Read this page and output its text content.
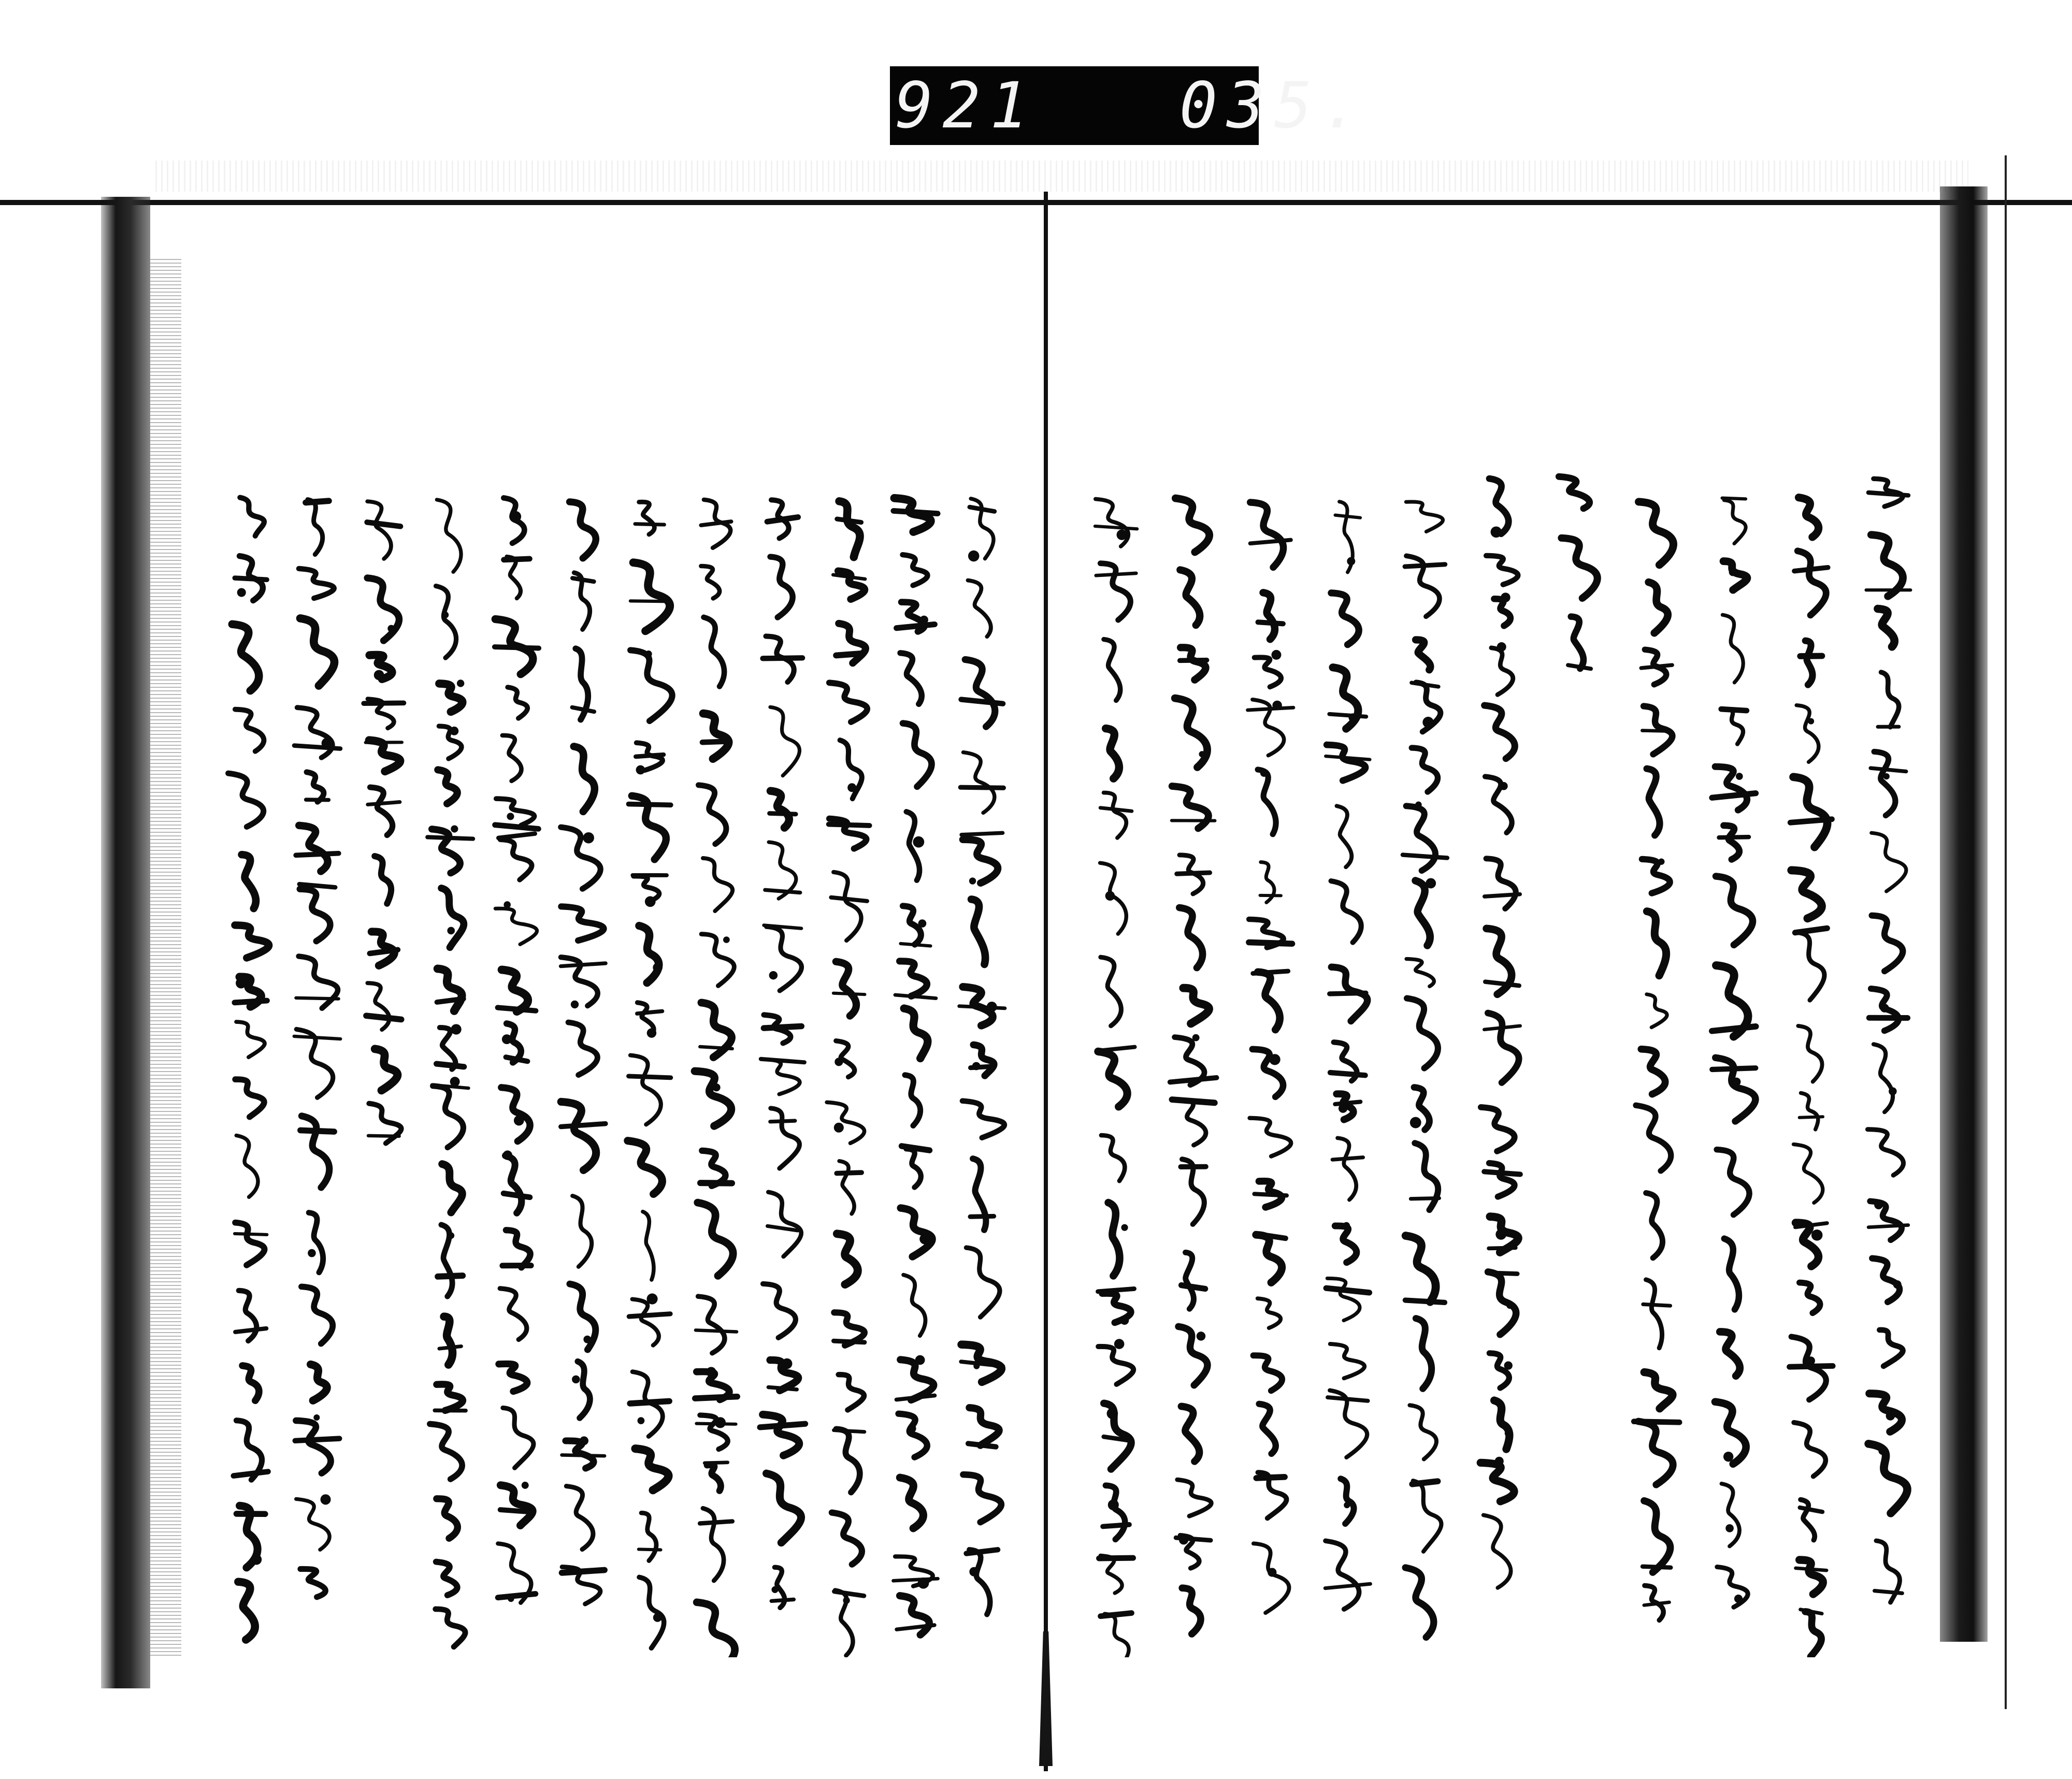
921
035.
